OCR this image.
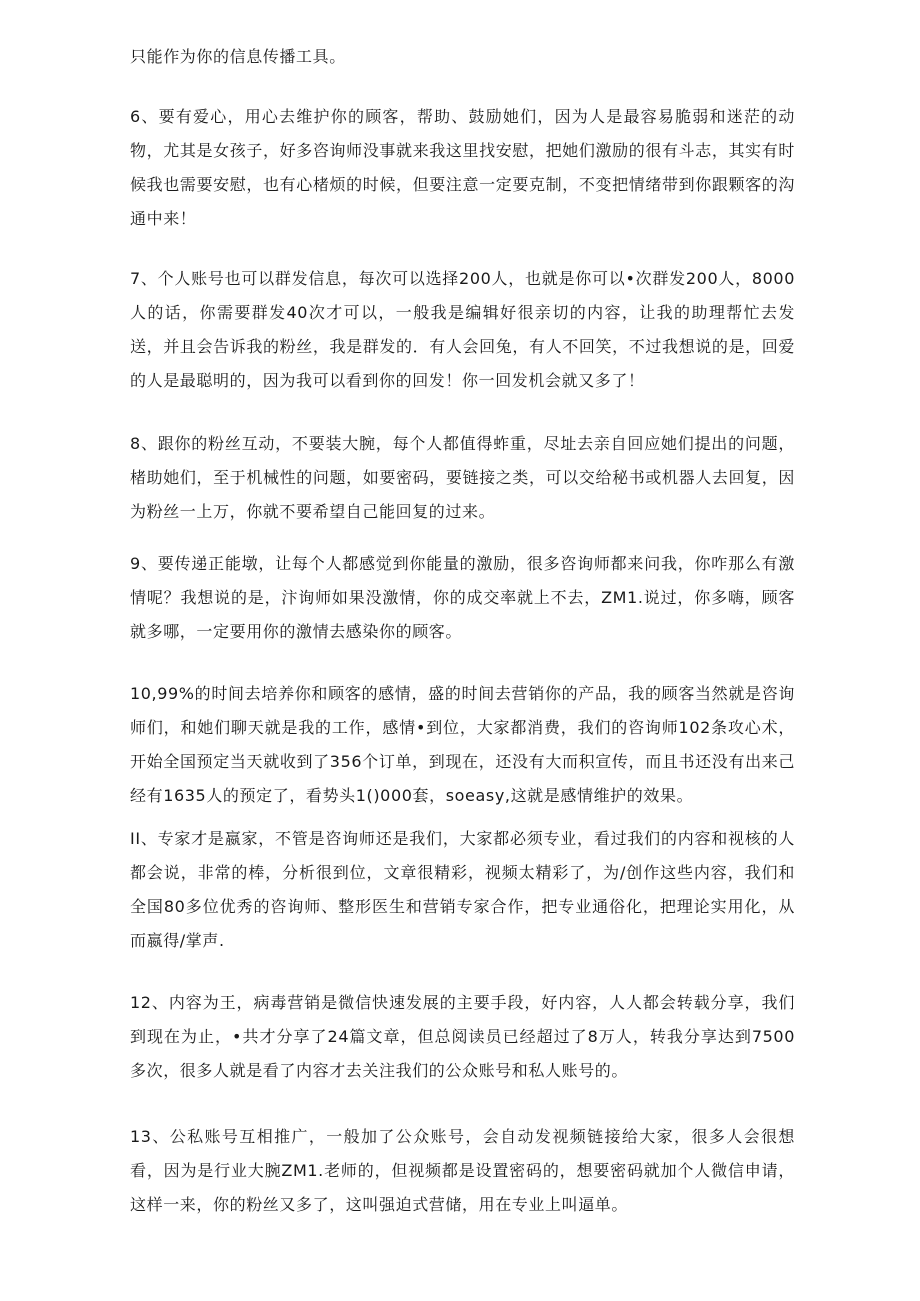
只能作为你的信息传播工具。

6、要有爱心，用心去维护你的顾客，帮助、鼓励她们，因为人是最容易脆弱和迷茫的动物，尤其是女孩子，好多咨询师没事就来我这里找安慰，把她们激励的很有斗志，其实有时候我也需要安慰，也有心楮烦的时候，但要注意一定要克制，不变把情绪带到你跟颗客的沟通中来！

7、个人账号也可以群发信息，每次可以选择200人，也就是你可以•次群发200人，8000人的话，你需要群发40次才可以，一般我是编辑好很亲切的内容，让我的助理帮忙去发送，并且会告诉我的粉丝，我是群发的．有人会回兔，有人不回笑，不过我想说的是，回爱的人是最聪明的，因为我可以看到你的回发！你一回发机会就又多了！

8、跟你的粉丝互动，不要装大腕，每个人都值得蚱重，尽址去亲自回应她们提出的问题，楮助她们，至于机械性的问题，如要密码，要链接之类，可以交给秘书或机器人去回复，因为粉丝一上万，你就不要希望自己能回复的过来。

9、要传递正能墩，让每个人都感觉到你能量的激励，很多咨询师都来问我，你咋那么有激情呢？我想说的是，汴询师如果没激情，你的成交率就上不去，ZM1.说过，你多嗨，顾客就多哪，一定要用你的激情去感染你的顾客。

10,99%的时间去培养你和顾客的感情，盛的时间去营销你的产品，我的顾客当然就是咨询师们，和她们聊天就是我的工作，感情•到位，大家都消费，我们的咨询师102条攻心术，开始全国预定当天就收到了356个订单，到现在，还没有大而积宣传，而且书还没有出来己经有1635人的预定了，看势头1()000套，soeasy,这就是感情维护的效果。

II、专家才是嬴家，不管是咨询师还是我们，大家都必须专业，看过我们的内容和视核的人都会说，非常的棒，分析很到位，文章很精彩，视频太精彩了，为/创作这些内容，我们和全国80多位优秀的咨询师、整形医生和营销专家合作，把专业通俗化，把理论实用化，从而嬴得/掌声.

12、内容为王，病毒营销是微信快速发展的主要手段，好内容，人人都会转载分享，我们到现在为止，•共才分享了24篇文章，但总阅读员已经超过了8万人，转我分享达到7500多次，很多人就是看了内容才去关注我们的公众账号和私人账号的。

13、公私账号互相推广，一般加了公众账号，会自动发视频链接给大家，很多人会很想看，因为是行业大腕ZM1.老师的，但视频都是设置密码的，想要密码就加个人微信申请，这样一来，你的粉丝又多了，这叫强迫式营储，用在专业上叫逼单。
